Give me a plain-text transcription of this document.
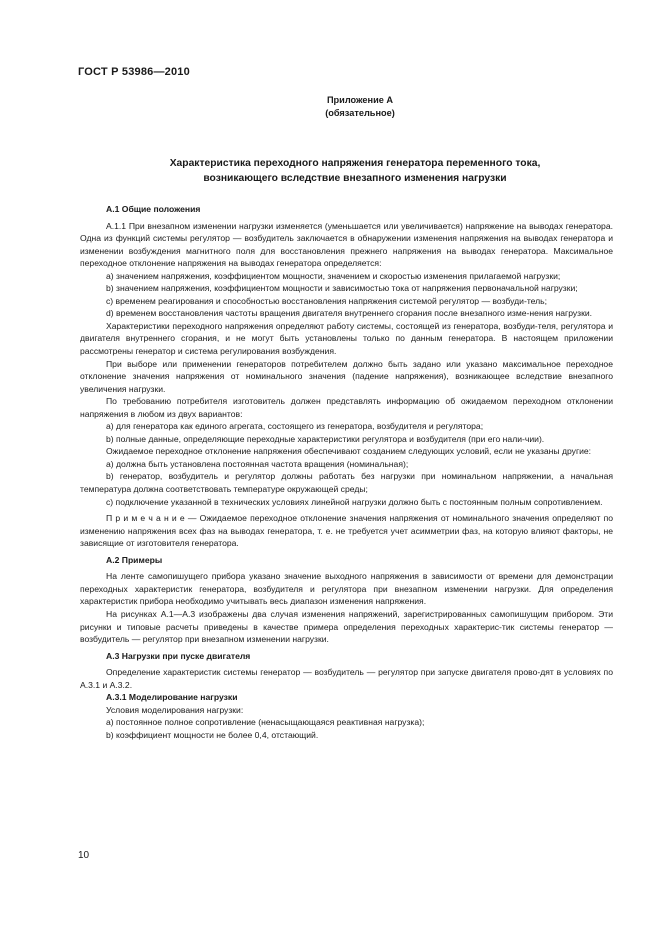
ГОСТ Р 53986—2010
Приложение А
(обязательное)
Характеристика переходного напряжения генератора переменного тока,
возникающего вследствие внезапного изменения нагрузки

А.1 Общие положения

А.1.1 При внезапном изменении нагрузки изменяется (уменьшается или увеличивается) напряжение на выводах генератора. Одна из функций системы регулятор — возбудитель заключается в обнаружении изменения напряжения на выводах генератора и изменении возбуждения магнитного поля для восстановления прежнего напряжения на выводах генератора. Максимальное переходное отклонение напряжения на выводах генератора определяется:

a) значением напряжения, коэффициентом мощности, значением и скоростью изменения прилагаемой нагрузки;

b) значением напряжения, коэффициентом мощности и зависимостью тока от напряжения первоначальной нагрузки;

c) временем реагирования и способностью восстановления напряжения системой регулятор — возбуди-тель;

d) временем восстановления частоты вращения двигателя внутреннего сгорания после внезапного изме-нения нагрузки.

Характеристики переходного напряжения определяют работу системы, состоящей из генератора, возбуди-теля, регулятора и двигателя внутреннего сгорания, и не могут быть установлены только по данным генератора. В настоящем приложении рассмотрены генератор и система регулирования возбуждения.

При выборе или применении генераторов потребителем должно быть задано или указано максимальное переходное отклонение значения напряжения от номинального значения (падение напряжения), возникающее вследствие внезапного увеличения нагрузки.

По требованию потребителя изготовитель должен представлять информацию об ожидаемом переходном отклонении напряжения в любом из двух вариантов:

a) для генератора как единого агрегата, состоящего из генератора, возбудителя и регулятора;

b) полные данные, определяющие переходные характеристики регулятора и возбудителя (при его нали-чии).

Ожидаемое переходное отклонение напряжения обеспечивают созданием следующих условий, если не указаны другие:

a) должна быть установлена постоянная частота вращения (номинальная);

b) генератор, возбудитель и регулятор должны работать без нагрузки при номинальном напряжении, а начальная температура должна соответствовать температуре окружающей среды;

c) подключение указанной в технических условиях линейной нагрузки должно быть с постоянным полным сопротивлением.

П р и м е ч а н и е — Ожидаемое переходное отклонение значения напряжения от номинального значения определяют по изменению напряжения всех фаз на выводах генератора, т. е. не требуется учет асимметрии фаз, на которую влияют факторы, не зависящие от изготовителя генератора.

А.2 Примеры

На ленте самопишущего прибора указано значение выходного напряжения в зависимости от времени для демонстрации переходных характеристик генератора, возбудителя и регулятора при внезапном изменении нагрузки. Для определения характеристик прибора необходимо учитывать весь диапазон изменения напряжения.

На рисунках А.1—А.3 изображены два случая изменения напряжений, зарегистрированных самопишущим прибором. Эти рисунки и типовые расчеты приведены в качестве примера определения переходных характерис-тик системы генератор — возбудитель — регулятор при внезапном изменении нагрузки.

А.3 Нагрузки при пуске двигателя

Определение характеристик системы генератор — возбудитель — регулятор при запуске двигателя прово-дят в условиях по А.3.1 и А.3.2.

А.3.1 Моделирование нагрузки

Условия моделирования нагрузки:

a) постоянное полное сопротивление (ненасыщающаяся реактивная нагрузка);

b) коэффициент мощности не более 0,4, отстающий.

10
